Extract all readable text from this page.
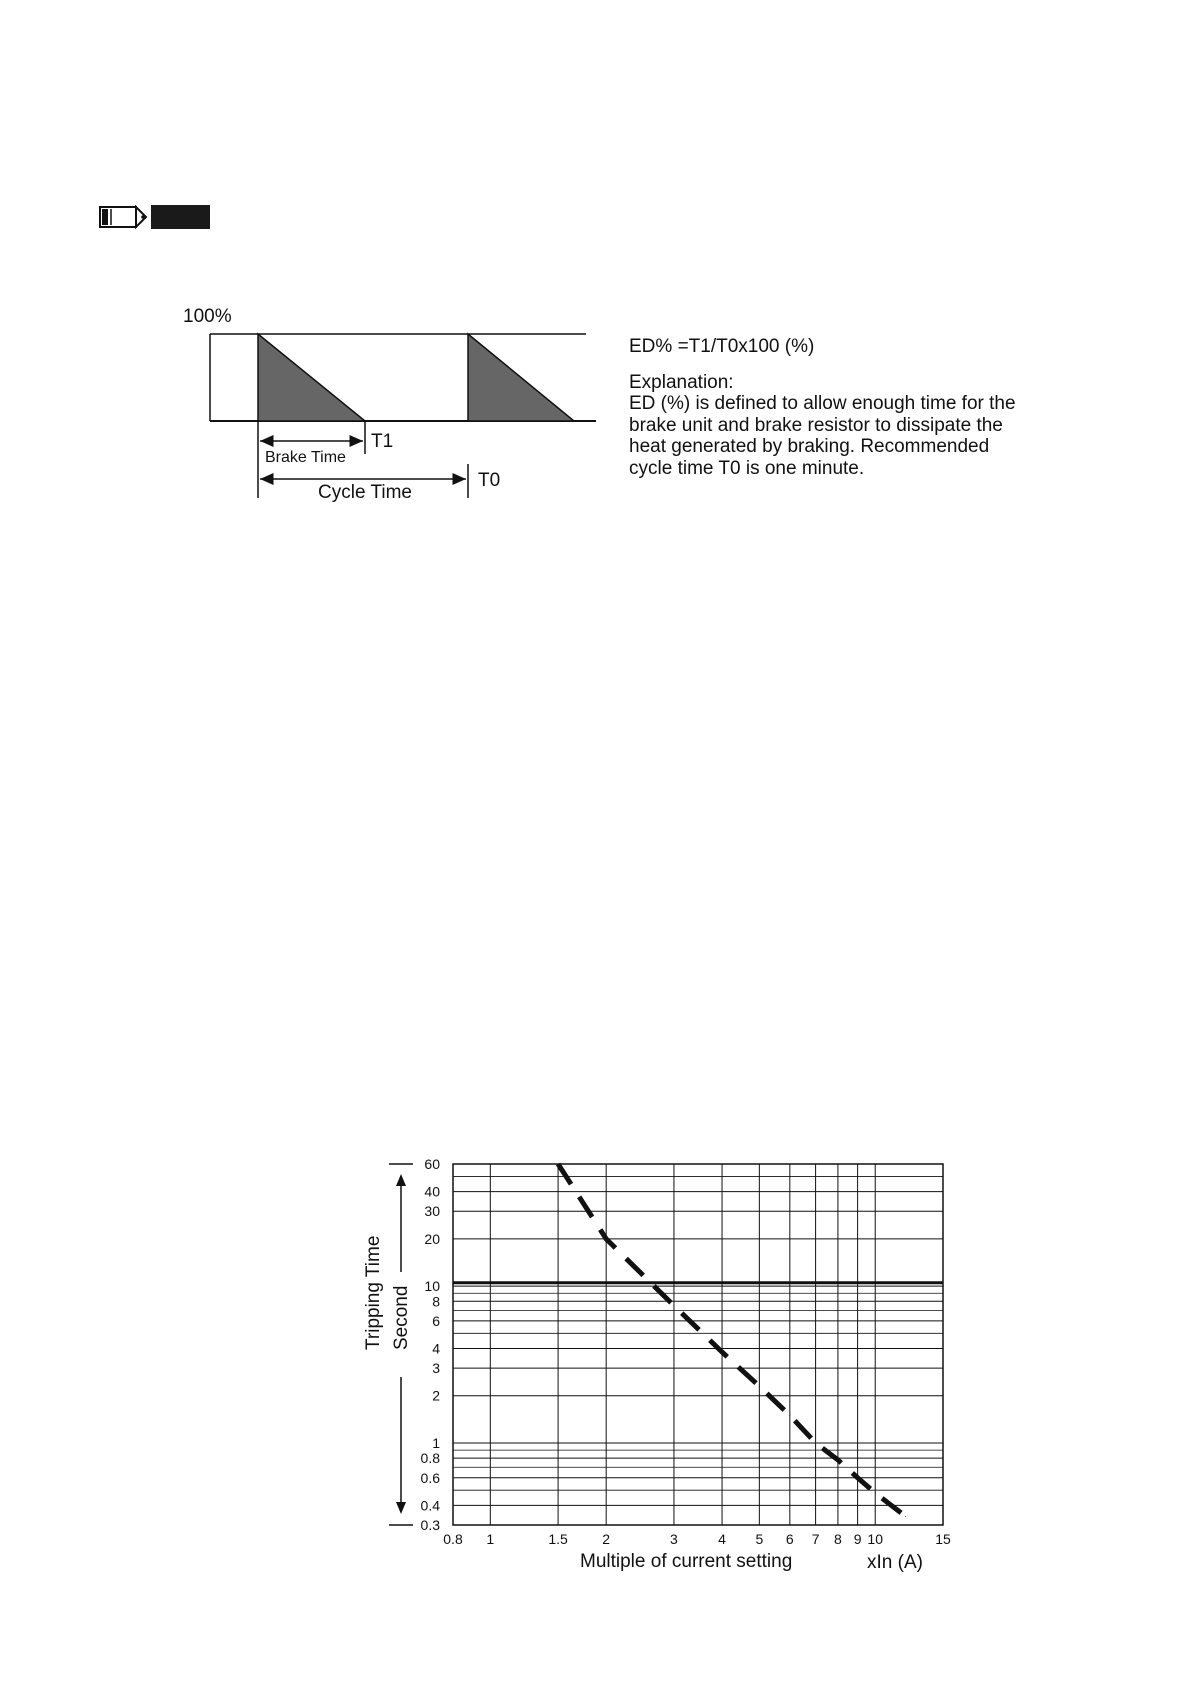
100%
T1
T0
Brake Time
Cycle Time
ED% =T1/T0x100 (%)
Explanation:
ED (%) is defined to allow enough time for the
brake unit and brake resistor to dissipate the
heat generated by braking. Recommended
cycle time T0 is one minute.
0.8 1	1.5 2	3	4 5 6 7 8 9 10	15
0.3
0.4
0.6
0.8
1
2
3
4
6
8
10
20
30
40
60
Tripping Time Second
Multiple of current setting	xIn (A)
